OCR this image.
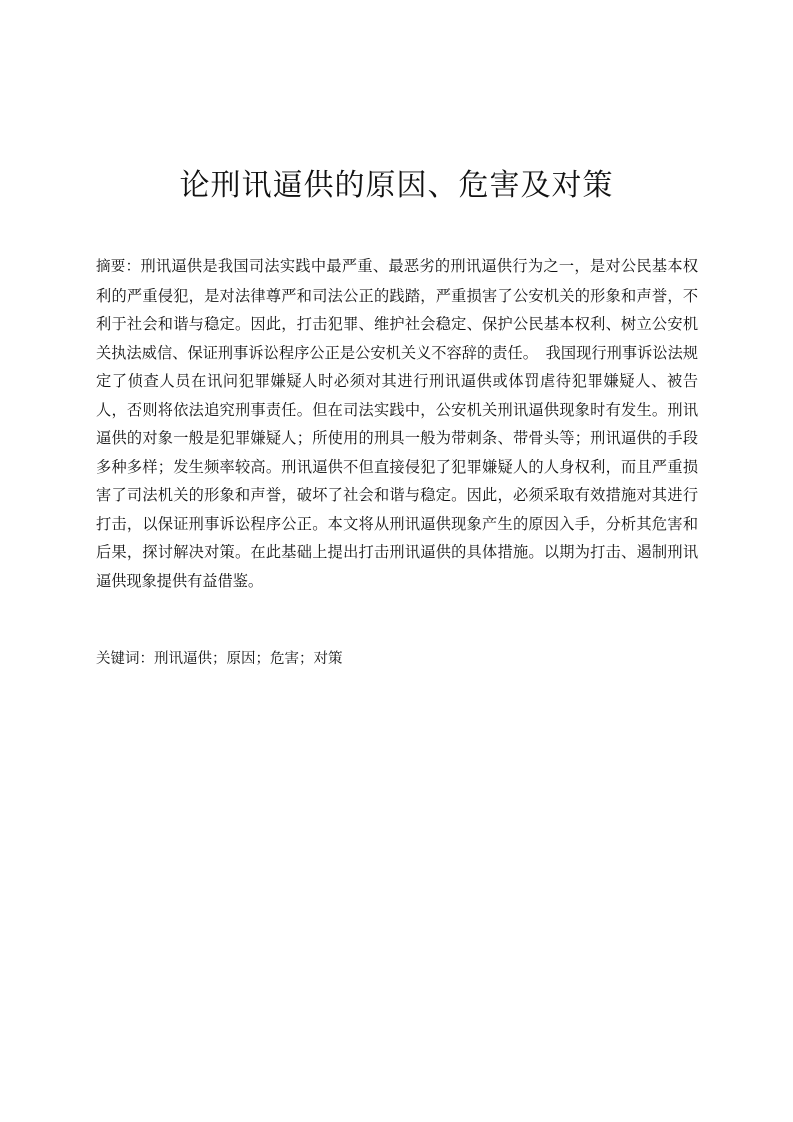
论刑讯逼供的原因、危害及对策

摘要：刑讯逼供是我国司法实践中最严重、最恶劣的刑讯逼供行为之一，是对公民基本权利的严重侵犯，是对法律尊严和司法公正的践踏，严重损害了公安机关的形象和声誉，不利于社会和谐与稳定。因此，打击犯罪、维护社会稳定、保护公民基本权利、树立公安机关执法威信、保证刑事诉讼程序公正是公安机关义不容辞的责任。　我国现行刑事诉讼法规定了侦查人员在讯问犯罪嫌疑人时必须对其进行刑讯逼供或体罚虐待犯罪嫌疑人、被告人，否则将依法追究刑事责任。但在司法实践中，公安机关刑讯逼供现象时有发生。刑讯逼供的对象一般是犯罪嫌疑人；所使用的刑具一般为带刺条、带骨头等；刑讯逼供的手段多种多样；发生频率较高。刑讯逼供不但直接侵犯了犯罪嫌疑人的人身权利，而且严重损害了司法机关的形象和声誉，破坏了社会和谐与稳定。因此，必须采取有效措施对其进行打击，以保证刑事诉讼程序公正。本文将从刑讯逼供现象产生的原因入手，分析其危害和后果，探讨解决对策。在此基础上提出打击刑讯逼供的具体措施。以期为打击、遏制刑讯逼供现象提供有益借鉴。

关键词：刑讯逼供；原因；危害；对策
